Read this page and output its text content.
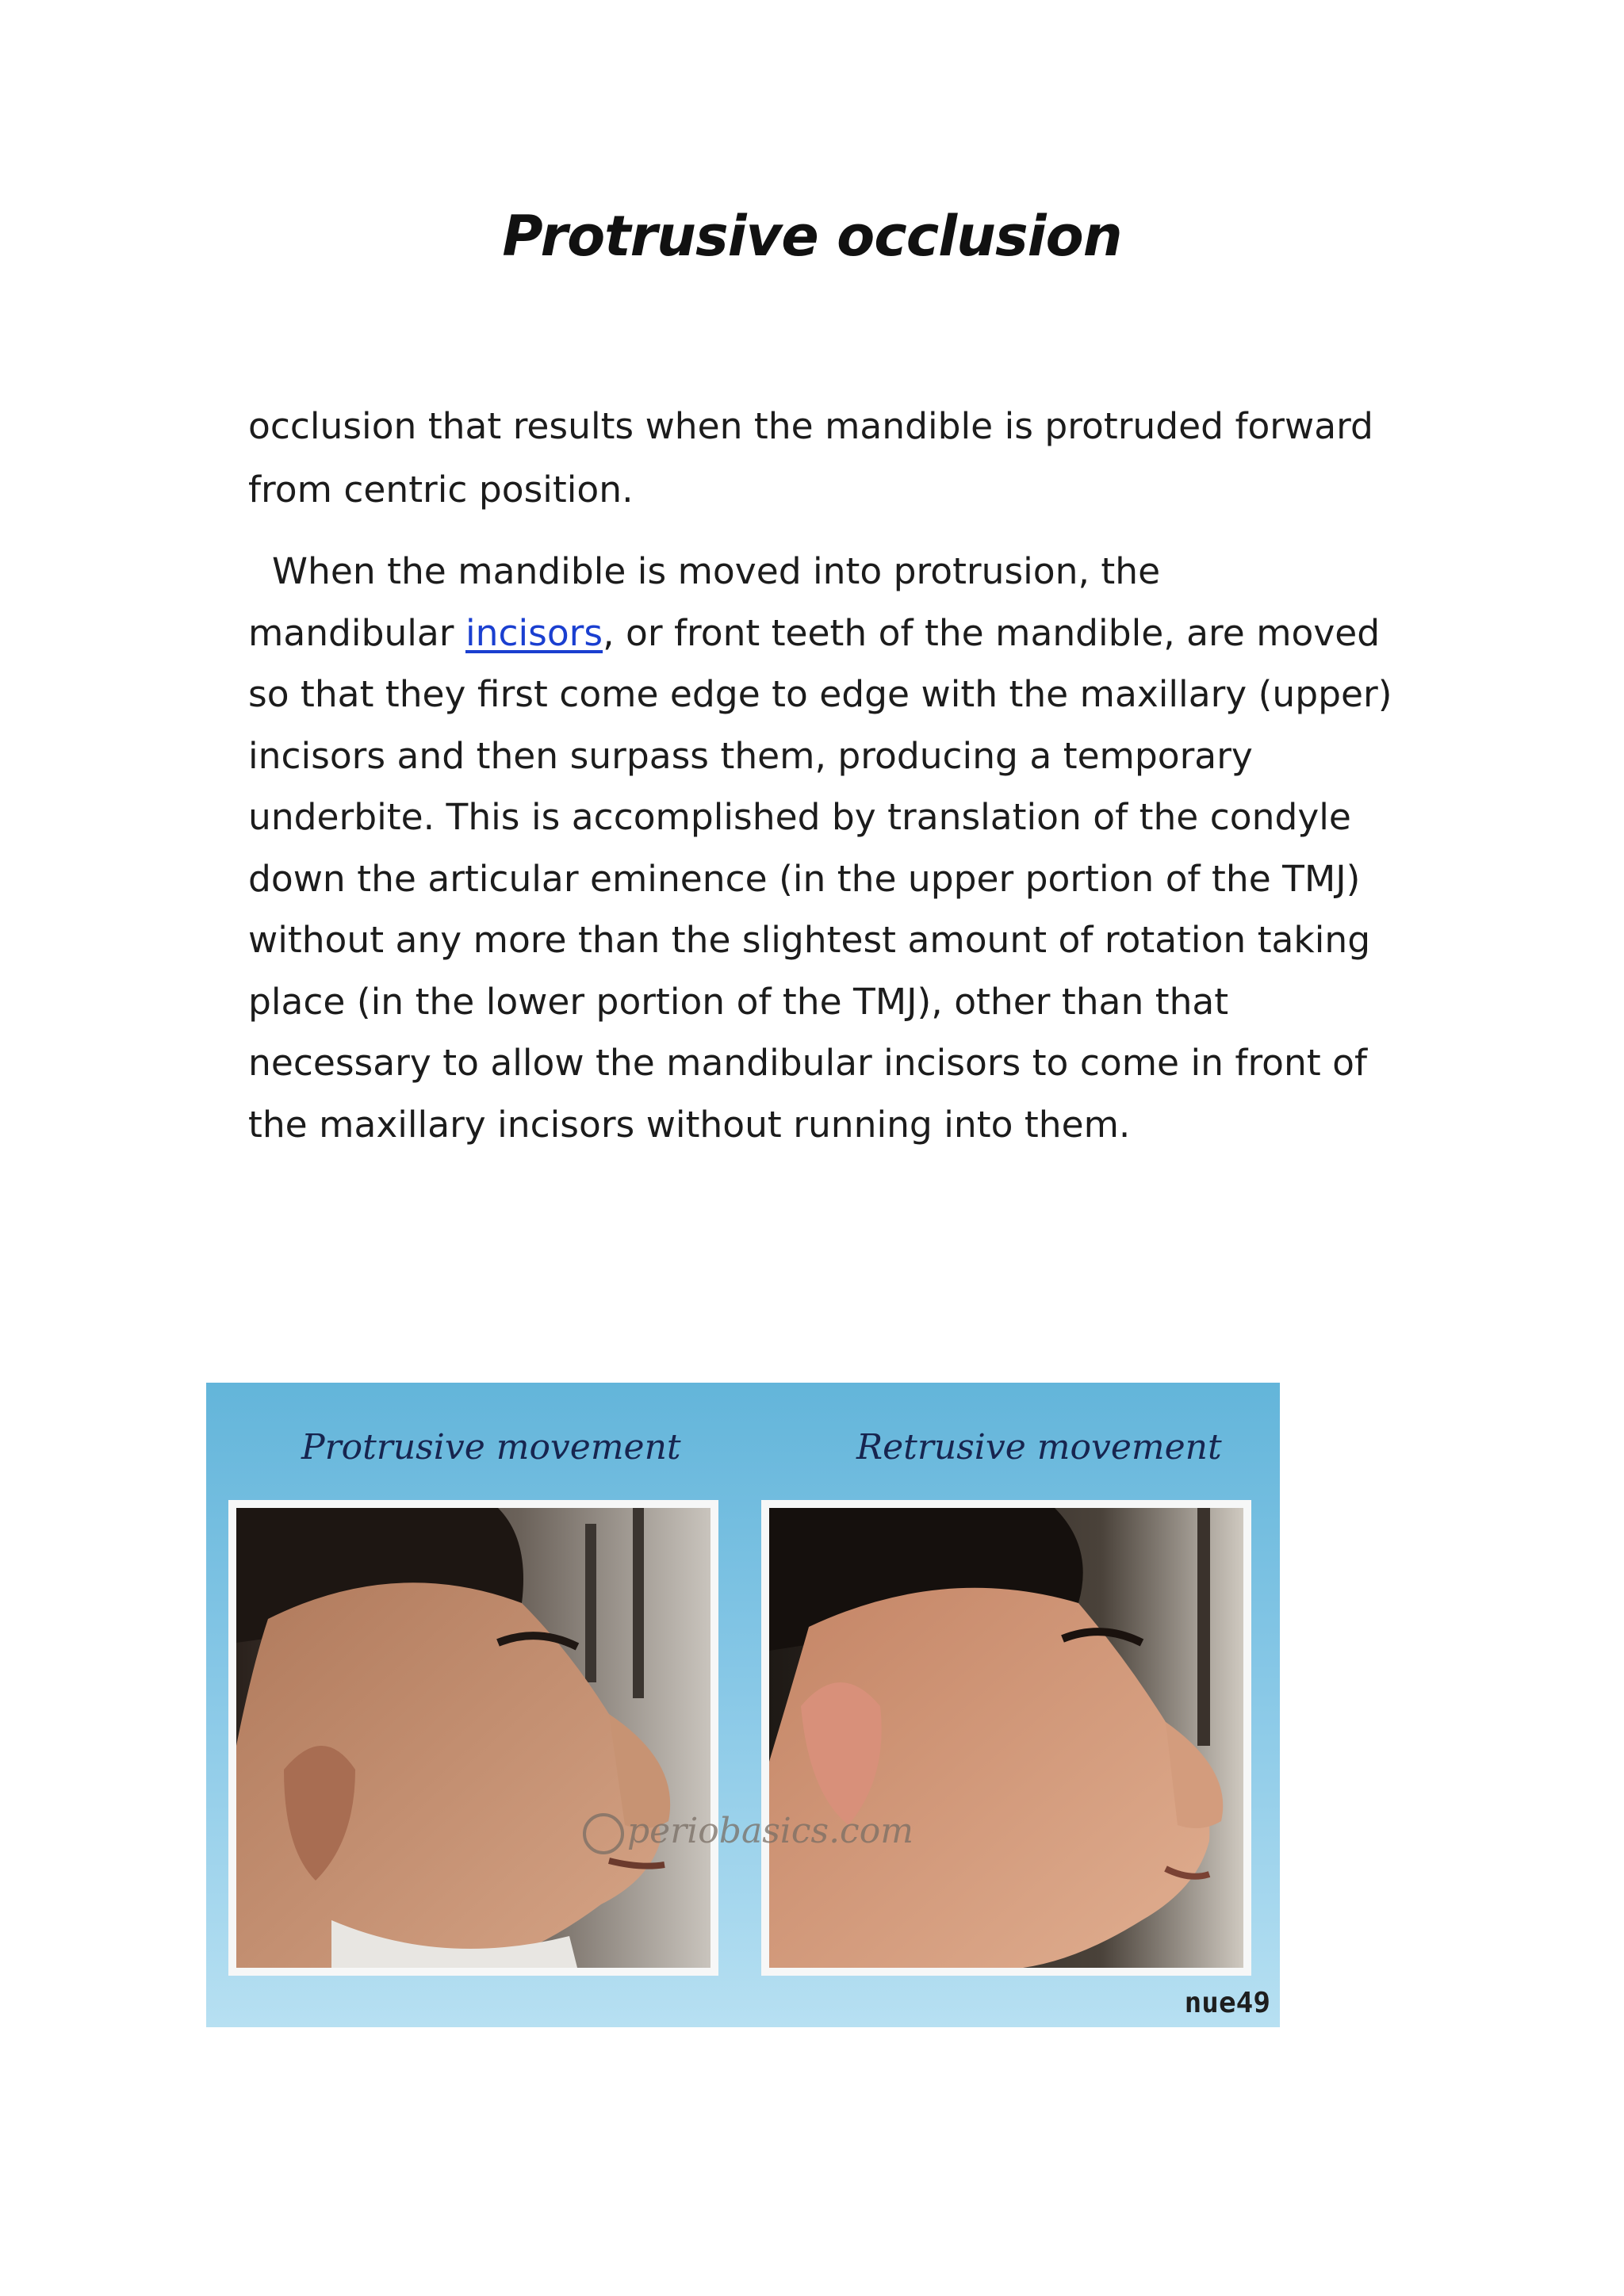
Protrusive occlusion
occlusion that results when the mandible is protruded forward
from centric position.
When the mandible is moved into protrusion, the
mandibular incisors, or front teeth of the mandible, are moved
so that they first come edge to edge with the maxillary (upper)
incisors and then surpass them, producing a temporary
underbite. This is accomplished by translation of the condyle
down the articular eminence (in the upper portion of the TMJ)
without any more than the slightest amount of rotation taking
place (in the lower portion of the TMJ), other than that
necessary to allow the mandibular incisors to come in front of
the maxillary incisors without running into them.
Protrusive movement	Retrusive movement
periobasics.com
nue49
